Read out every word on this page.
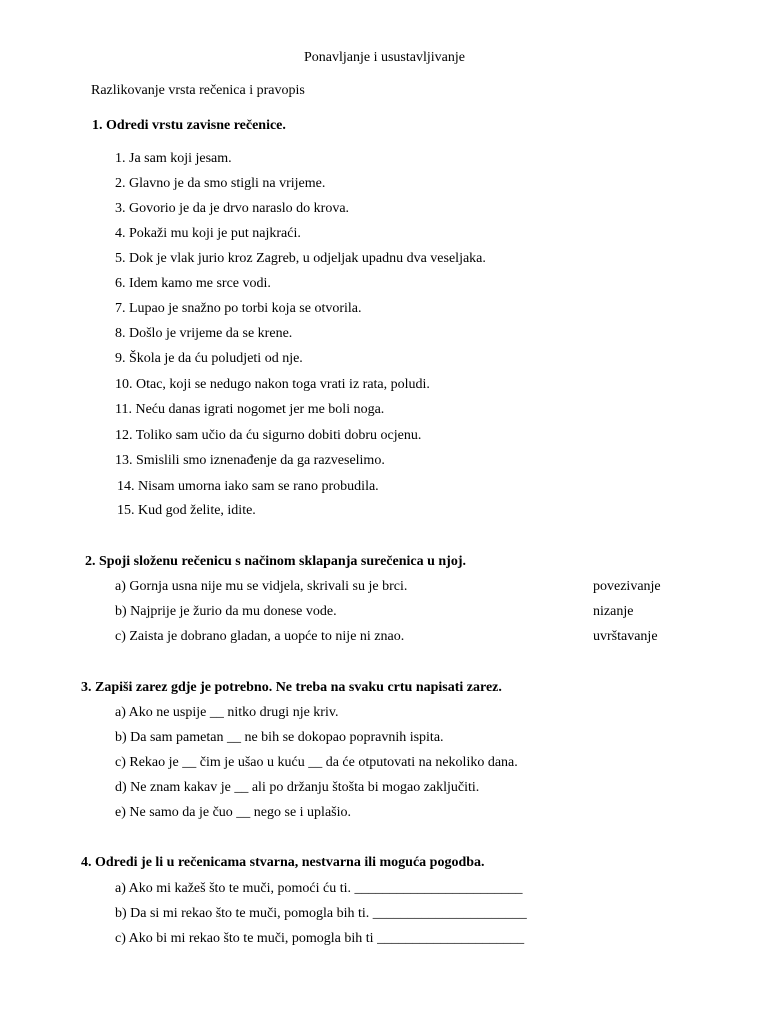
Ponavljanje i usustavljivanje
Razlikovanje vrsta rečenica i pravopis
1. Odredi vrstu zavisne rečenice.
1. Ja sam koji jesam.
2. Glavno je da smo stigli na vrijeme.
3. Govorio je da je drvo naraslo do krova.
4. Pokaži mu koji je put najkraći.
5. Dok je vlak jurio kroz Zagreb, u odjeljak upadnu dva veseljaka.
6. Idem kamo me srce vodi.
7. Lupao je snažno po torbi koja se otvorila.
8. Došlo je vrijeme da se krene.
9. Škola je da ću poludjeti od nje.
10. Otac, koji se nedugo nakon toga vrati iz rata, poludi.
11. Neću danas igrati nogomet jer me boli noga.
12. Toliko sam učio da ću sigurno dobiti dobru ocjenu.
13. Smislili smo iznenađenje da ga razveselimo.
14. Nisam umorna iako sam se rano probudila.
15. Kud god želite, idite.
2. Spoji složenu rečenicu s načinom sklapanja surečenica u njoj.
a) Gornja usna nije mu se vidjela, skrivali su je brci.	povezivanje
b) Najprije je žurio da mu donese vode.	nizanje
c) Zaista je dobrano gladan, a uopće to nije ni znao.	uvrštavanje
3. Zapiši zarez gdje je potrebno. Ne treba na svaku crtu napisati zarez.
a) Ako ne uspije __ nitko drugi nje kriv.
b) Da sam pametan __ ne bih se dokopao popravnih ispita.
c) Rekao je __ čim je ušao u kuću __ da će otputovati na nekoliko dana.
d) Ne znam kakav je __ ali po držanju štošta bi mogao zaključiti.
e) Ne samo da je čuo __ nego se i uplašio.
4. Odredi je li u rečenicama stvarna, nestvarna ili moguća pogodba.
a) Ako mi kažeš što te muči, pomoći ću ti. ________________________
b) Da si mi rekao što te muči, pomogla bih ti. ______________________
c) Ako bi mi rekao što te muči, pomogla bih ti _____________________
